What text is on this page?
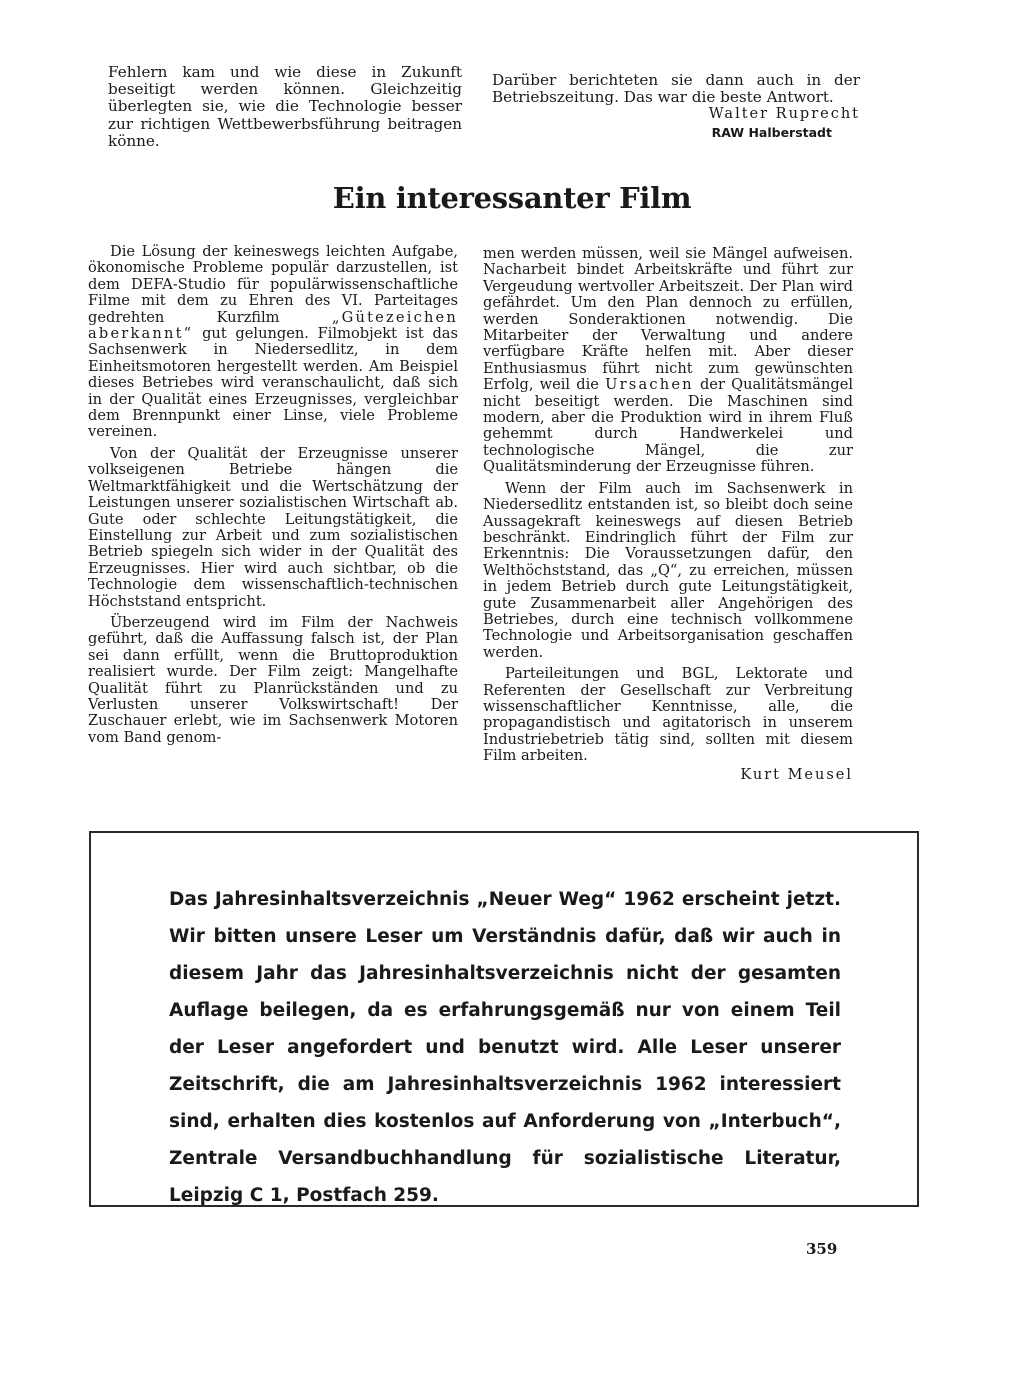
Fehlern kam und wie diese in Zukunft beseitigt werden können. Gleichzeitig überlegten sie, wie die Technologie besser zur richtigen Wettbewerbsführung beitragen könne.

Darüber berichteten sie dann auch in der Betriebszeitung. Das war die beste Antwort.

Walter Ruprecht
RAW Halberstadt
Ein interessanter Film

Die Lösung der keineswegs leichten Aufgabe, ökonomische Probleme populär darzustellen, ist dem DEFA-Studio für populärwissenschaftliche Filme mit dem zu Ehren des VI. Parteitages gedrehten Kurzfilm „Gütezeichen aberkannt“ gut gelungen. Filmobjekt ist das Sachsenwerk in Niedersedlitz, in dem Einheitsmotoren hergestellt werden. Am Beispiel dieses Betriebes wird veranschaulicht, daß sich in der Qualität eines Erzeugnisses, vergleichbar dem Brennpunkt einer Linse, viele Probleme vereinen.

Von der Qualität der Erzeugnisse unserer volkseigenen Betriebe hängen die Weltmarktfähigkeit und die Wertschätzung der Leistungen unserer sozialistischen Wirtschaft ab. Gute oder schlechte Leitungstätigkeit, die Einstellung zur Arbeit und zum sozialistischen Betrieb spiegeln sich wider in der Qualität des Erzeugnisses. Hier wird auch sichtbar, ob die Technologie dem wissenschaftlich-technischen Höchststand entspricht.

Überzeugend wird im Film der Nachweis geführt, daß die Auffassung falsch ist, der Plan sei dann erfüllt, wenn die Bruttoproduktion realisiert wurde. Der Film zeigt: Mangelhafte Qualität führt zu Planrückständen und zu Verlusten unserer Volkswirtschaft! Der Zuschauer erlebt, wie im Sachsenwerk Motoren vom Band genom-

men werden müssen, weil sie Mängel aufweisen. Nacharbeit bindet Arbeitskräfte und führt zur Vergeudung wertvoller Arbeitszeit. Der Plan wird gefährdet. Um den Plan dennoch zu erfüllen, werden Sonderaktionen notwendig. Die Mitarbeiter der Verwaltung und andere verfügbare Kräfte helfen mit. Aber dieser Enthusiasmus führt nicht zum gewünschten Erfolg, weil die Ursachen der Qualitätsmängel nicht beseitigt werden. Die Maschinen sind modern, aber die Produktion wird in ihrem Fluß gehemmt durch Handwerkelei und technologische Mängel, die zur Qualitätsminderung der Erzeugnisse führen.

Wenn der Film auch im Sachsenwerk in Niedersedlitz entstanden ist, so bleibt doch seine Aussagekraft keineswegs auf diesen Betrieb beschränkt. Eindringlich führt der Film zur Erkenntnis: Die Voraussetzungen dafür, den Welthöchststand, das „Q“, zu erreichen, müssen in jedem Betrieb durch gute Leitungstätigkeit, gute Zusammenarbeit aller Angehörigen des Betriebes, durch eine technisch vollkommene Technologie und Arbeitsorganisation geschaffen werden.

Parteileitungen und BGL, Lektorate und Referenten der Gesellschaft zur Verbreitung wissenschaftlicher Kenntnisse, alle, die propagandistisch und agitatorisch in unserem Industriebetrieb tätig sind, sollten mit diesem Film arbeiten.

Kurt Meusel

Das Jahresinhaltsverzeichnis „Neuer Weg“ 1962 erscheint jetzt. Wir bitten unsere Leser um Verständnis dafür, daß wir auch in diesem Jahr das Jahresinhaltsverzeichnis nicht der gesamten Auflage beilegen, da es erfahrungsgemäß nur von einem Teil der Leser angefordert und benutzt wird. Alle Leser unserer Zeitschrift, die am Jahresinhaltsverzeichnis 1962 interessiert sind, erhalten dies kostenlos auf Anforderung von „Interbuch“, Zentrale Versandbuchhandlung für sozialistische Literatur, Leipzig C 1, Postfach 259.

359
